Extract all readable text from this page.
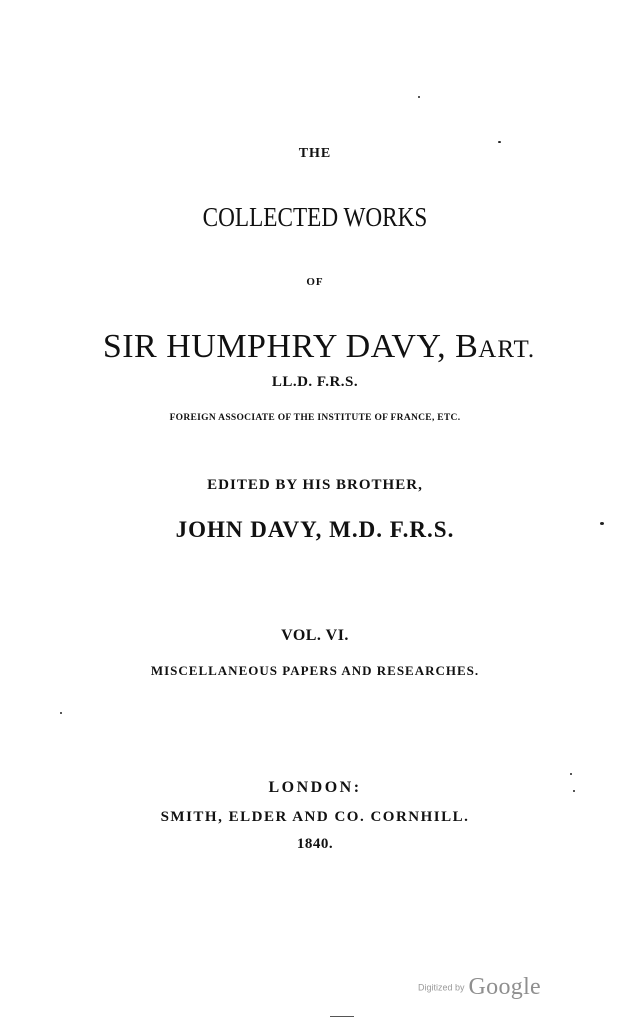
THE
COLLECTED WORKS
OF
SIR HUMPHRY DAVY, BART.
LL.D. F.R.S.
FOREIGN ASSOCIATE OF THE INSTITUTE OF FRANCE, ETC.
EDITED BY HIS BROTHER,
JOHN DAVY, M.D. F.R.S.
VOL. VI.
MISCELLANEOUS PAPERS AND RESEARCHES.
LONDON:
SMITH, ELDER AND CO. CORNHILL.
1840.
Digitized by Google
